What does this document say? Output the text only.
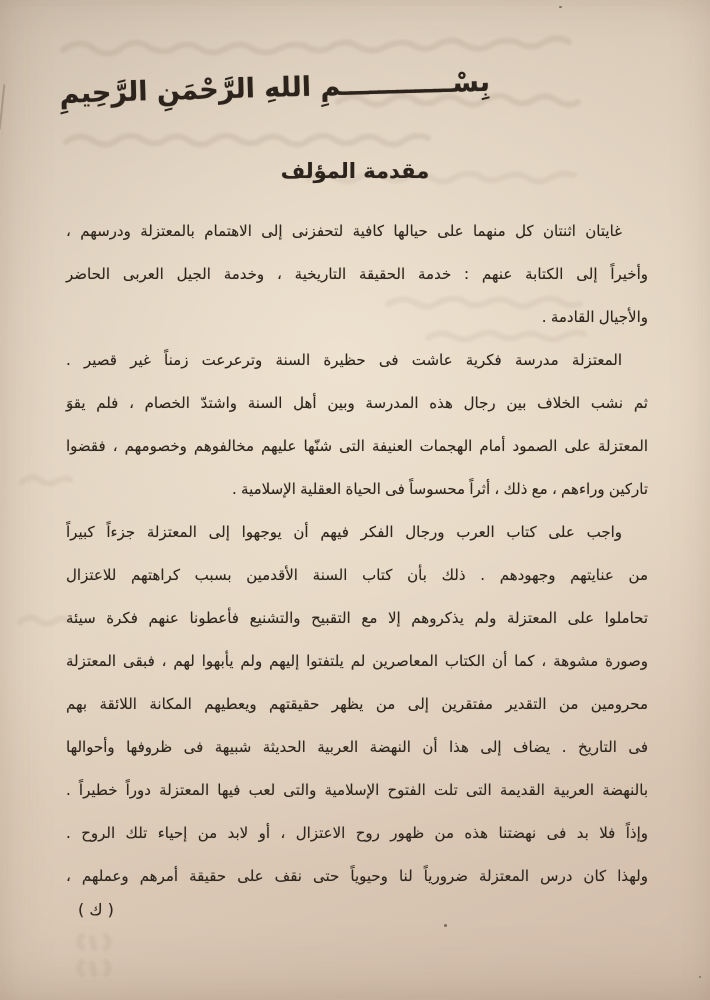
بِسْــــــــــــمِ اللهِ الرَّحْمَنِ الرَّحِيمِ
مقدمة المؤلف
غايتان اثنتان كل منهما على حيالها كافية لتحفزنى إلى الاهتمام بالمعتزلة ودرسهم ،
وأخيراً إلى الكتابة عنهم : خدمة الحقيقة التاريخية ، وخدمة الجيل العربى الحاضر
والأجيال القادمة .
المعتزلة مدرسة فكرية عاشت فى حظيرة السنة وترعرعت زمناً غير قصير .
ثم نشب الخلاف بين رجال هذه المدرسة وبين أهل السنة واشتدّ الخصام ، فلم يقوَ
المعتزلة على الصمود أمام الهجمات العنيفة التى شنّها عليهم مخالفوهم وخصومهم ، فقضوا
تاركين وراءهم ، مع ذلك ، أثراً محسوساً فى الحياة العقلية الإسلامية .
واجب على كتاب العرب ورجال الفكر فيهم أن يوجهوا إلى المعتزلة جزءاً كبيراً
من عنايتهم وجهودهم . ذلك بأن كتاب السنة الأقدمين بسبب كراهتهم للاعتزال
تحاملوا على المعتزلة ولم يذكروهم إلا مع التقبيح والتشنيع فأعطونا عنهم فكرة سيئة
وصورة مشوهة ، كما أن الكتاب المعاصرين لم يلتفتوا إليهم ولم يأبهوا لهم ، فبقى المعتزلة
محرومين من التقدير مفتقرين إلى من يظهر حقيقتهم ويعطيهم المكانة اللائقة بهم
فى التاريخ . يضاف إلى هذا أن النهضة العربية الحديثة شبيهة فى ظروفها وأحوالها
بالنهضة العربية القديمة التى تلت الفتوح الإسلامية والتى لعب فيها المعتزلة دوراً خطيراً .
وإذاً فلا بد فى نهضتنا هذه من ظهور روح الاعتزال ، أو لابد من إحياء تلك الروح .
ولهذا كان درس المعتزلة ضرورياً لنا وحيوياً حتى نقف على حقيقة أمرهم وعملهم ،
( ك )
